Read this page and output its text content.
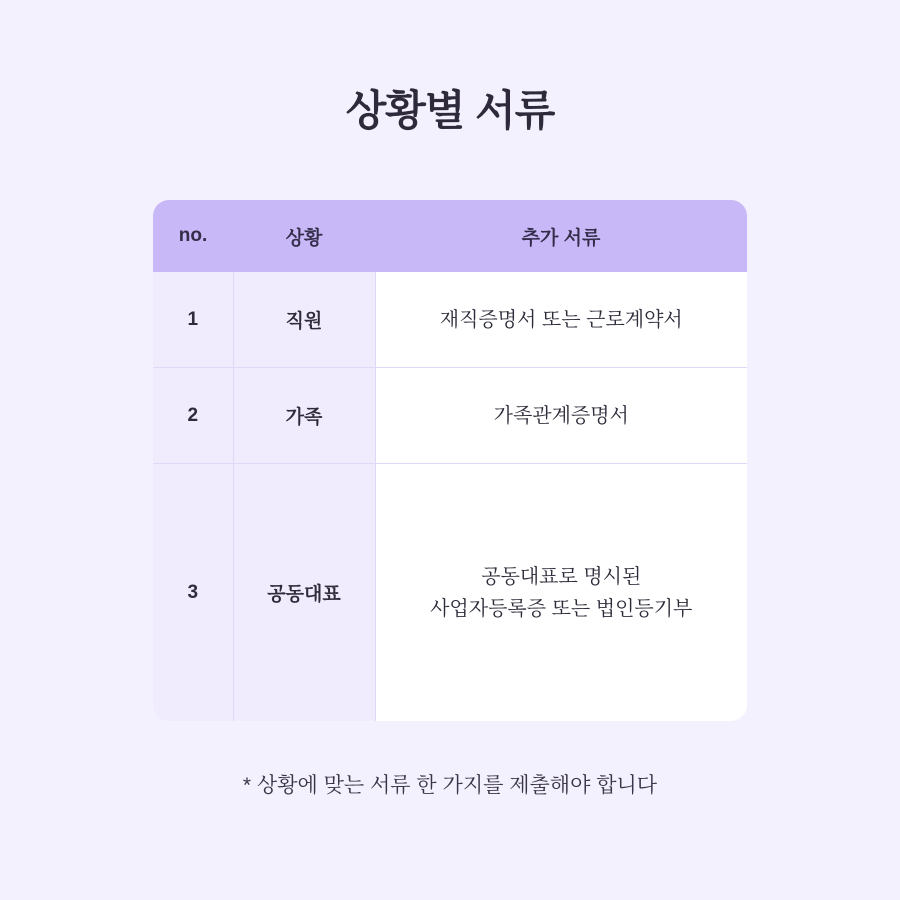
상황별 서류
no.	상황	추가 서류
1	직원	재직증명서 또는 근로계약서

2	가족	가족관계증명서

3	공동대표	공동대표로 명시된
사업자등록증 또는 법인등기부
* 상황에 맞는 서류 한 가지를 제출해야 합니다
